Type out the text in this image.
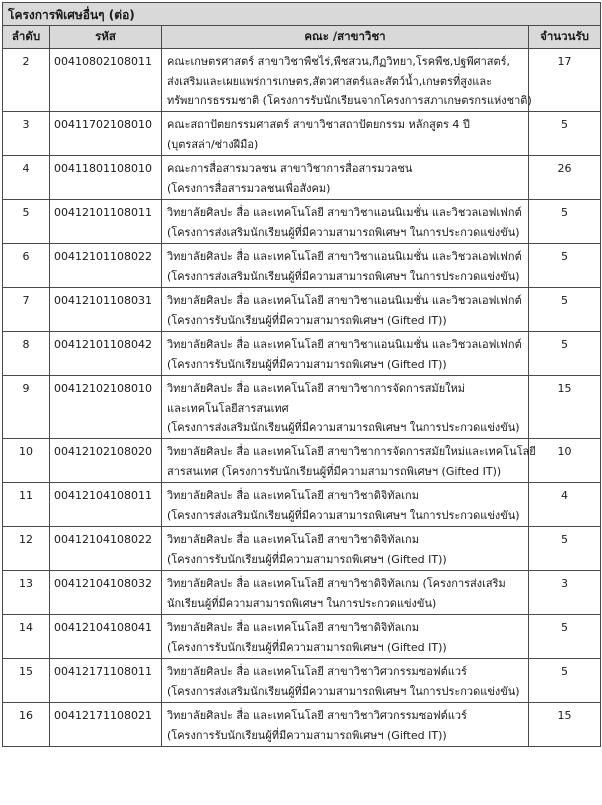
โครงการพิเศษอื่นๆ (ต่อ)			
ลำดับ	รหัส	คณะ /สาขาวิชา	จำนวนรับ
2	00410802108011	คณะเกษตรศาสตร์ สาขาวิชาพืชไร่,พืชสวน,กีฏวิทยา,โรคพืช,ปฐพีศาสตร์,
ส่งเสริมและเผยแพร่การเกษตร,สัตวศาสตร์และสัตว์น้ำ,เกษตรที่สูงและ
ทรัพยากรธรรมชาติ (โครงการรับนักเรียนจากโครงการสภาเกษตรกรแห่งชาติ)	17
3	00411702108010	คณะสถาปัตยกรรมศาสตร์ สาขาวิชาสถาปัตยกรรม หลักสูตร 4 ปี
(บุตรสล่า/ช่างฝีมือ)	5
4	00411801108010	คณะการสื่อสารมวลชน สาขาวิชาการสื่อสารมวลชน
(โครงการสื่อสารมวลชนเพื่อสังคม)	26
5	00412101108011	วิทยาลัยศิลปะ สื่อ และเทคโนโลยี สาขาวิชาแอนนิเมชั่น และวิชวลเอฟเฟกต์
(โครงการส่งเสริมนักเรียนผู้ที่มีความสามารถพิเศษฯ ในการประกวดแข่งขัน)	5
6	00412101108022	วิทยาลัยศิลปะ สื่อ และเทคโนโลยี สาขาวิชาแอนนิเมชั่น และวิชวลเอฟเฟกต์
(โครงการส่งเสริมนักเรียนผู้ที่มีความสามารถพิเศษฯ ในการประกวดแข่งขัน)	5
7	00412101108031	วิทยาลัยศิลปะ สื่อ และเทคโนโลยี สาขาวิชาแอนนิเมชั่น และวิชวลเอฟเฟกต์
(โครงการรับนักเรียนผู้ที่มีความสามารถพิเศษฯ (Gifted IT))	5
8	00412101108042	วิทยาลัยศิลปะ สื่อ และเทคโนโลยี สาขาวิชาแอนนิเมชั่น และวิชวลเอฟเฟกต์
(โครงการรับนักเรียนผู้ที่มีความสามารถพิเศษฯ (Gifted IT))	5
9	00412102108010	วิทยาลัยศิลปะ สื่อ และเทคโนโลยี สาขาวิชาการจัดการสมัยใหม่
และเทคโนโลยีสารสนเทศ
(โครงการส่งเสริมนักเรียนผู้ที่มีความสามารถพิเศษฯ ในการประกวดแข่งขัน)	15
10	00412102108020	วิทยาลัยศิลปะ สื่อ และเทคโนโลยี สาขาวิชาการจัดการสมัยใหม่และเทคโนโลยี
สารสนเทศ (โครงการรับนักเรียนผู้ที่มีความสามารถพิเศษฯ (Gifted IT))	10
11	00412104108011	วิทยาลัยศิลปะ สื่อ และเทคโนโลยี สาขาวิชาดิจิทัลเกม
(โครงการส่งเสริมนักเรียนผู้ที่มีความสามารถพิเศษฯ ในการประกวดแข่งขัน)	4
12	00412104108022	วิทยาลัยศิลปะ สื่อ และเทคโนโลยี สาขาวิชาดิจิทัลเกม
(โครงการรับนักเรียนผู้ที่มีความสามารถพิเศษฯ (Gifted IT))	5
13	00412104108032	วิทยาลัยศิลปะ สื่อ และเทคโนโลยี สาขาวิชาดิจิทัลเกม (โครงการส่งเสริม
นักเรียนผู้ที่มีความสามารถพิเศษฯ ในการประกวดแข่งขัน)	3
14	00412104108041	วิทยาลัยศิลปะ สื่อ และเทคโนโลยี สาขาวิชาดิจิทัลเกม
(โครงการรับนักเรียนผู้ที่มีความสามารถพิเศษฯ (Gifted IT))	5
15	00412171108011	วิทยาลัยศิลปะ สื่อ และเทคโนโลยี สาขาวิชาวิศวกรรมซอฟต์แวร์
(โครงการส่งเสริมนักเรียนผู้ที่มีความสามารถพิเศษฯ ในการประกวดแข่งขัน)	5
16	00412171108021	วิทยาลัยศิลปะ สื่อ และเทคโนโลยี สาขาวิชาวิศวกรรมซอฟต์แวร์
(โครงการรับนักเรียนผู้ที่มีความสามารถพิเศษฯ (Gifted IT))	15
